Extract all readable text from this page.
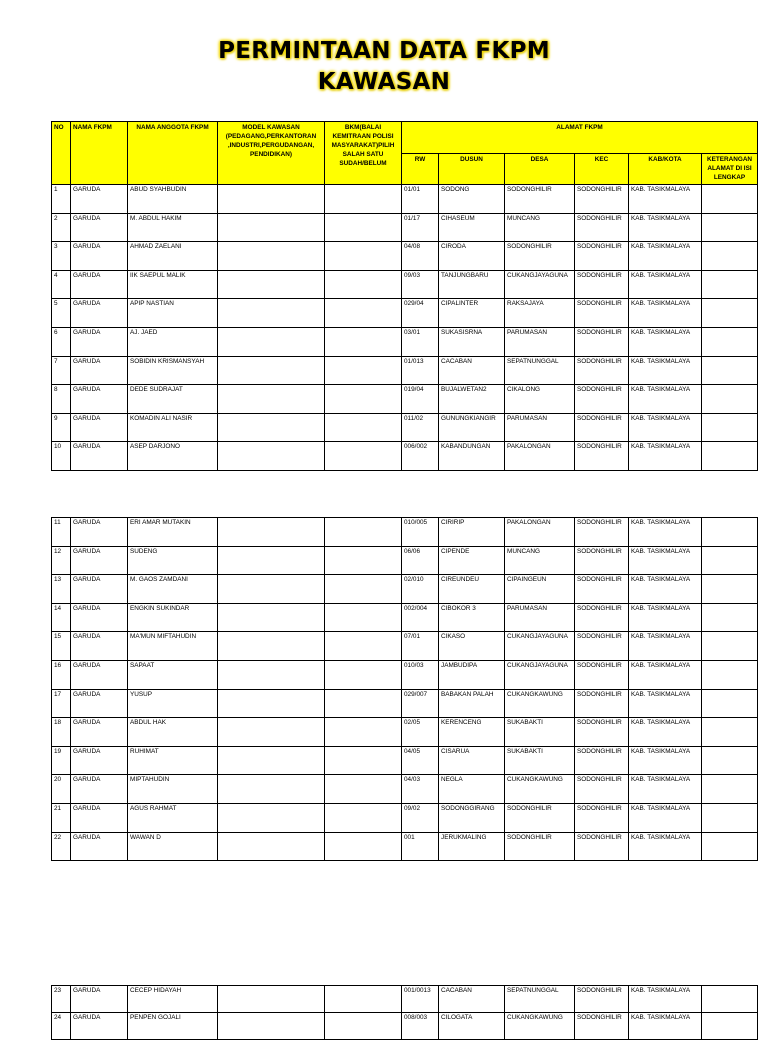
PERMINTAAN DATA FKPM
KAWASAN
NO	NAMA FKPM	NAMA ANGGOTA FKPM	MODEL KAWASAN (PEDAGANG,PERKANTORAN ,INDUSTRI,PERGUDANGAN, PENDIDIKAN)	BKM(BALAI KEMITRAAN POLISI MASYARAKAT)PILIH SALAH SATU SUDAH/BELUM	ALAMAT FKPM					
					RW	DUSUN	DESA	KEC	KAB/KOTA	KETERANGAN ALAMAT DI ISI LENGKAP
1	GARUDA	ABUD SYAHBUDIN			01/01	SODONG	SODONGHILIR	SODONGHILIR	KAB. TASIKMALAYA	
2	GARUDA	M. ABDUL HAKIM			01/17	CIHASEUM	MUNCANG	SODONGHILIR	KAB. TASIKMALAYA	
3	GARUDA	AHMAD ZAELANI			04/08	CIRODA	SODONGHILIR	SODONGHILIR	KAB. TASIKMALAYA	
4	GARUDA	IIK SAEPUL MALIK			09/03	TANJUNGBARU	CUKANGJAYAGUNA	SODONGHILIR	KAB. TASIKMALAYA	
5	GARUDA	APIP NASTIAN			029/04	CIPALINTER	RAKSAJAYA	SODONGHILIR	KAB. TASIKMALAYA	
6	GARUDA	AJ. JAED			03/01	SUKASISRNA	PARUMASAN	SODONGHILIR	KAB. TASIKMALAYA	
7	GARUDA	SOBIDIN KRISMANSYAH			01/013	CACABAN	SEPATNUNGGAL	SODONGHILIR	KAB. TASIKMALAYA	
8	GARUDA	DEDE SUDRAJAT			019/04	BUJALWETAN2	CIKALONG	SODONGHILIR	KAB. TASIKMALAYA	
9	GARUDA	KOMADIN ALI NASIR			011/02	GUNUNGKIANGIR	PARUMASAN	SODONGHILIR	KAB. TASIKMALAYA	
10	GARUDA	ASEP DARJONO			006/002	KABANDUNGAN	PAKALONGAN	SODONGHILIR	KAB. TASIKMALAYA	
11	GARUDA	ERI AMAR MUTAKIN			010/005	CIRIRIP	PAKALONGAN	SODONGHILIR	KAB. TASIKMALAYA	
12	GARUDA	SUDENG			06/06	CIPENDE	MUNCANG	SODONGHILIR	KAB. TASIKMALAYA	
13	GARUDA	M. GAOS ZAMDANI			02/010	CIREUNDEU	CIPAINGEUN	SODONGHILIR	KAB. TASIKMALAYA	
14	GARUDA	ENGKIN SUKINDAR			002/004	CIBOKOR 3	PARUMASAN	SODONGHILIR	KAB. TASIKMALAYA	
15	GARUDA	MA'MUN MIFTAHUDIN			07/01	CIKASO	CUKANGJAYAGUNA	SODONGHILIR	KAB. TASIKMALAYA	
16	GARUDA	SAPAAT			010/03	JAMBUDIPA	CUKANGJAYAGUNA	SODONGHILIR	KAB. TASIKMALAYA	
17	GARUDA	YUSUP			029/007	BABAKAN PALAH	CUKANGKAWUNG	SODONGHILIR	KAB. TASIKMALAYA	
18	GARUDA	ABDUL HAK			02/05	KERENCENG	SUKABAKTI	SODONGHILIR	KAB. TASIKMALAYA	
19	GARUDA	RUHIMAT			04/05	CISARUA	SUKABAKTI	SODONGHILIR	KAB. TASIKMALAYA	
20	GARUDA	MIPTAHUDIN			04/03	NEGLA	CUKANGKAWUNG	SODONGHILIR	KAB. TASIKMALAYA	
21	GARUDA	AGUS RAHMAT			09/02	SODONGGIRANG	SODONGHILIR	SODONGHILIR	KAB. TASIKMALAYA	
22	GARUDA	WAWAN D			001	JERUKMALING	SODONGHILIR	SODONGHILIR	KAB. TASIKMALAYA	
23	GARUDA	CECEP HIDAYAH			001/0013	CACABAN	SEPATNUNGGAL	SODONGHILIR	KAB. TASIKMALAYA	
24	GARUDA	PENPEN GOJALI			008/003	CILOGATA	CUKANGKAWUNG	SODONGHILIR	KAB. TASIKMALAYA	
